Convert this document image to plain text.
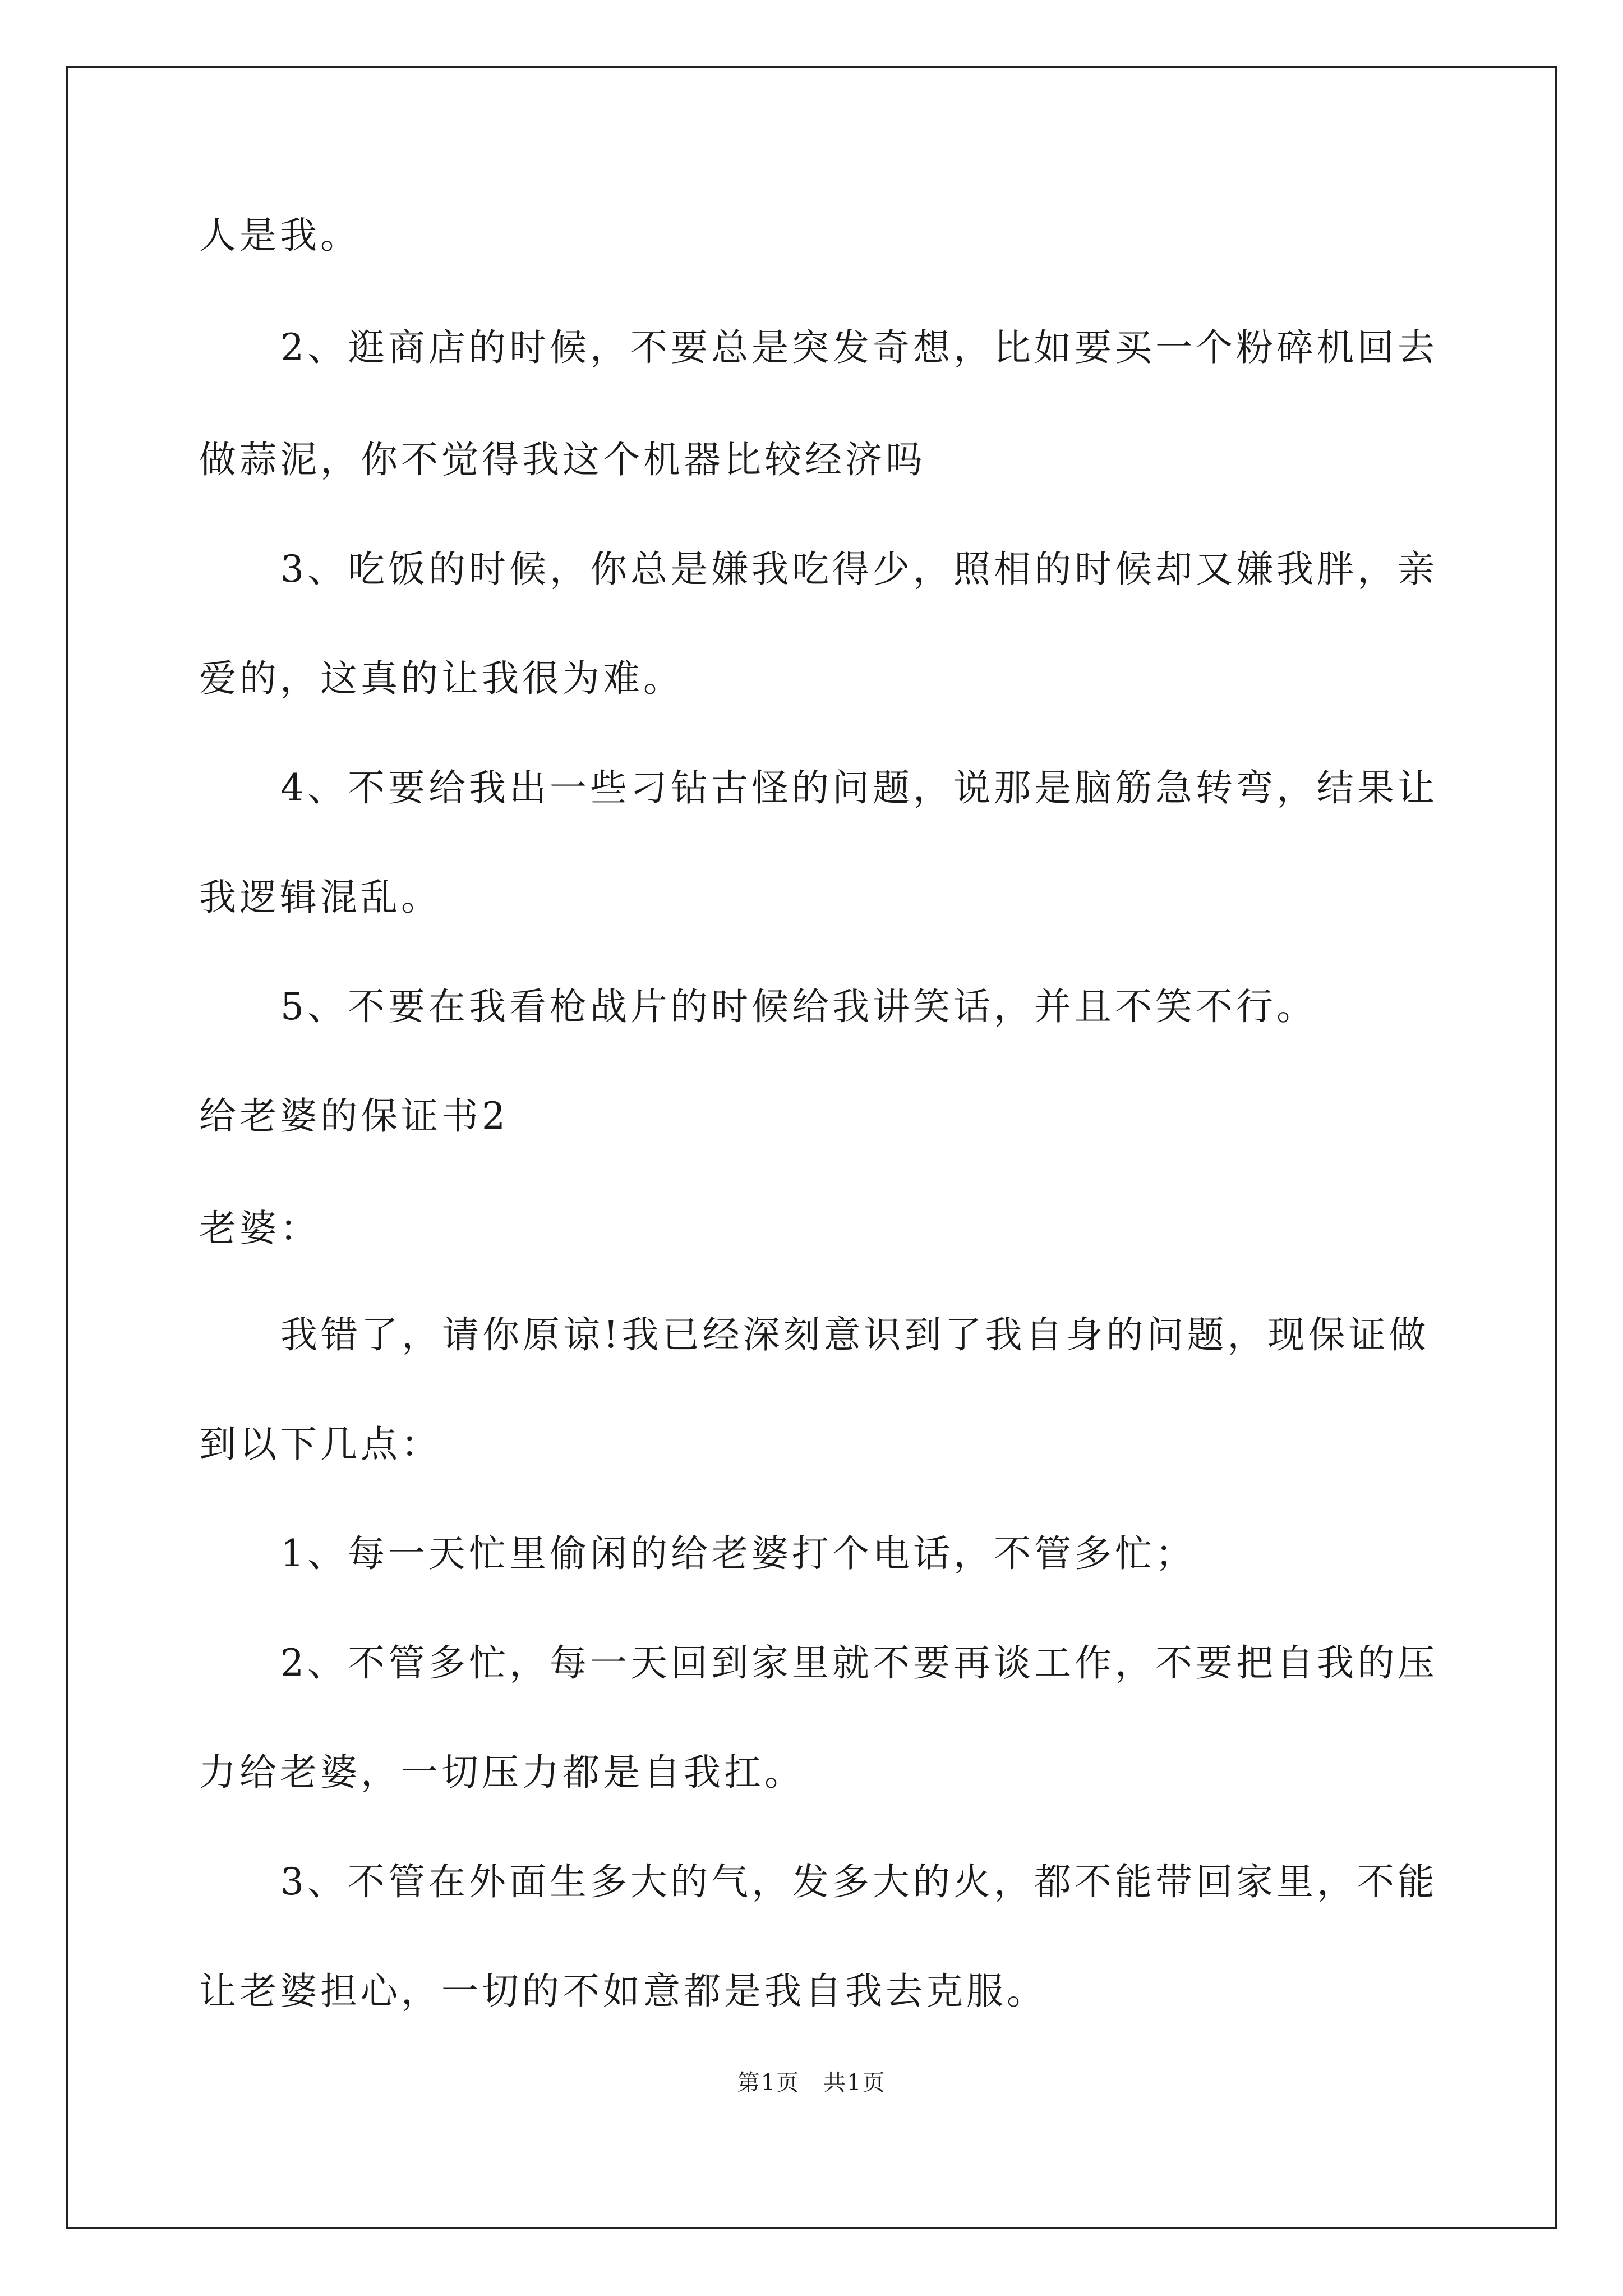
人是我。
2、逛商店的时候，不要总是突发奇想，比如要买一个粉碎机回去
做蒜泥，你不觉得我这个机器比较经济吗
3、吃饭的时候，你总是嫌我吃得少，照相的时候却又嫌我胖，亲
爱的，这真的让我很为难。
4、不要给我出一些刁钻古怪的问题，说那是脑筋急转弯，结果让
我逻辑混乱。
5、不要在我看枪战片的时候给我讲笑话，并且不笑不行。
给老婆的保证书2
老婆：
我错了，请你原谅!我已经深刻意识到了我自身的问题，现保证做
到以下几点：
1、每一天忙里偷闲的给老婆打个电话，不管多忙；
2、不管多忙，每一天回到家里就不要再谈工作，不要把自我的压
力给老婆，一切压力都是自我扛。
3、不管在外面生多大的气，发多大的火，都不能带回家里，不能
让老婆担心，一切的不如意都是我自我去克服。
第1页　共1页
